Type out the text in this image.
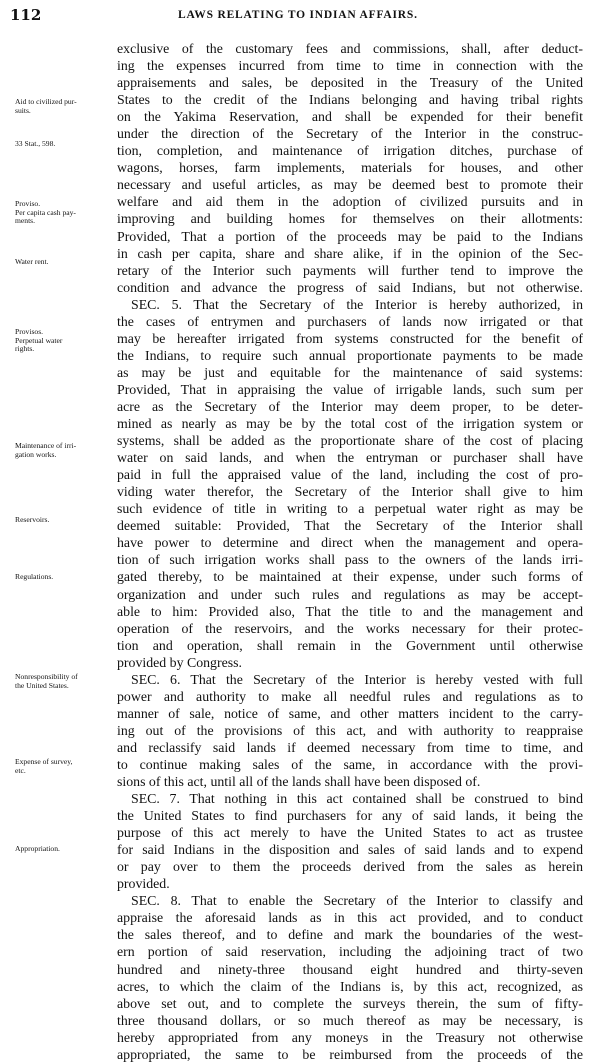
112	LAWS RELATING TO INDIAN AFFAIRS.
Aid to civilized pur-
suits.
33 Stat., 598.
Proviso.
Per capita cash pay-
ments.
Water rent.
Provisos.
Perpetual water
rights.
Maintenance of irri-
gation works.
Reservoirs.
Regulations.
Nonresponsibility of
the United States.
Expense of survey,
etc.
Appropriation.
exclusive of the customary fees and commissions, shall, after deduct-
ing the expenses incurred from time to time in connection with the
appraisements and sales, be deposited in the Treasury of the United
States to the credit of the Indians belonging and having tribal rights
on the Yakima Reservation, and shall be expended for their benefit
under the direction of the Secretary of the Interior in the construc-
tion, completion, and maintenance of irrigation ditches, purchase of
wagons, horses, farm implements, materials for houses, and other
necessary and useful articles, as may be deemed best to promote their
welfare and aid them in the adoption of civilized pursuits and in
improving and building homes for themselves on their allotments:
Provided, That a portion of the proceeds may be paid to the Indians
in cash per capita, share and share alike, if in the opinion of the Sec-
retary of the Interior such payments will further tend to improve the
condition and advance the progress of said Indians, but not otherwise.
SEC. 5. That the Secretary of the Interior is hereby authorized, in
the cases of entrymen and purchasers of lands now irrigated or that
may be hereafter irrigated from systems constructed for the benefit of
the Indians, to require such annual proportionate payments to be made
as may be just and equitable for the maintenance of said systems:
Provided, That in appraising the value of irrigable lands, such sum per
acre as the Secretary of the Interior may deem proper, to be deter-
mined as nearly as may be by the total cost of the irrigation system or
systems, shall be added as the proportionate share of the cost of placing
water on said lands, and when the entryman or purchaser shall have
paid in full the appraised value of the land, including the cost of pro-
viding water therefor, the Secretary of the Interior shall give to him
such evidence of title in writing to a perpetual water right as may be
deemed suitable: Provided, That the Secretary of the Interior shall
have power to determine and direct when the management and opera-
tion of such irrigation works shall pass to the owners of the lands irri-
gated thereby, to be maintained at their expense, under such forms of
organization and under such rules and regulations as may be accept-
able to him: Provided also, That the title to and the management and
operation of the reservoirs, and the works necessary for their protec-
tion and operation, shall remain in the Government until otherwise
provided by Congress.
SEC. 6. That the Secretary of the Interior is hereby vested with full
power and authority to make all needful rules and regulations as to
manner of sale, notice of same, and other matters incident to the carry-
ing out of the provisions of this act, and with authority to reappraise
and reclassify said lands if deemed necessary from time to time, and
to continue making sales of the same, in accordance with the provi-
sions of this act, until all of the lands shall have been disposed of.
SEC. 7. That nothing in this act contained shall be construed to bind
the United States to find purchasers for any of said lands, it being the
purpose of this act merely to have the United States to act as trustee
for said Indians in the disposition and sales of said lands and to expend
or pay over to them the proceeds derived from the sales as herein
provided.
SEC. 8. That to enable the Secretary of the Interior to classify and
appraise the aforesaid lands as in this act provided, and to conduct
the sales thereof, and to define and mark the boundaries of the west-
ern portion of said reservation, including the adjoining tract of two
hundred and ninety-three thousand eight hundred and thirty-seven
acres, to which the claim of the Indians is, by this act, recognized, as
above set out, and to complete the surveys therein, the sum of fifty-
three thousand dollars, or so much thereof as may be necessary, is
hereby appropriated from any moneys in the Treasury not otherwise
appropriated, the same to be reimbursed from the proceeds of the
